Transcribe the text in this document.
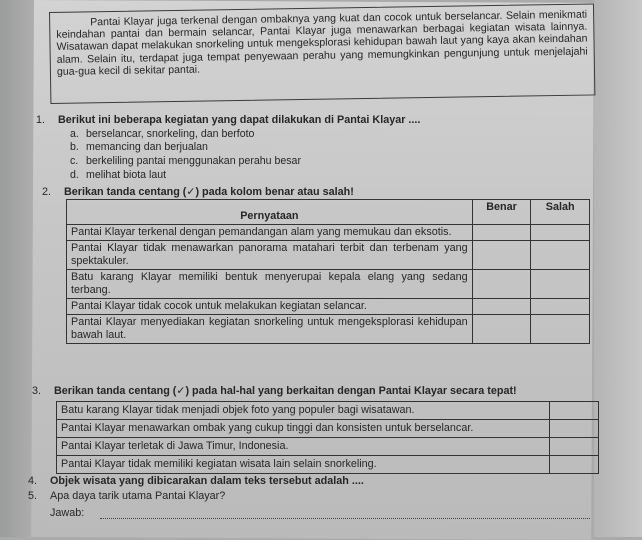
Pantai Klayar juga terkenal dengan ombaknya yang kuat dan cocok untuk berselancar. Selain menikmati keindahan pantai dan bermain selancar, Pantai Klayar juga menawarkan berbagai kegiatan wisata lainnya. Wisatawan dapat melakukan snorkeling untuk mengeksplorasi kehidupan bawah laut yang kaya akan keindahan alam. Selain itu, terdapat juga tempat penyewaan perahu yang memungkinkan pengunjung untuk menjelajahi gua-gua kecil di sekitar pantai.

1. Berikut ini beberapa kegiatan yang dapat dilakukan di Pantai Klayar ....
a. berselancar, snorkeling, dan berfoto
b. memancing dan berjualan
c. berkeliling pantai menggunakan perahu besar
d. melihat biota laut
2. Berikan tanda centang (✓) pada kolom benar atau salah!
Pernyataan	Benar	Salah
Pantai Klayar terkenal dengan pemandangan alam yang memukau dan eksotis.		
Pantai Klayar tidak menawarkan panorama matahari terbit dan terbenam yang spektakuler.		
Batu karang Klayar memiliki bentuk menyerupai kepala elang yang sedang terbang.		
Pantai Klayar tidak cocok untuk melakukan kegiatan selancar.		
Pantai Klayar menyediakan kegiatan snorkeling untuk mengeksplorasi kehidupan bawah laut.		
3. Berikan tanda centang (✓) pada hal-hal yang berkaitan dengan Pantai Klayar secara tepat!
Batu karang Klayar tidak menjadi objek foto yang populer bagi wisatawan.	
Pantai Klayar menawarkan ombak yang cukup tinggi dan konsisten untuk berselancar.	
Pantai Klayar terletak di Jawa Timur, Indonesia.	
Pantai Klayar tidak memiliki kegiatan wisata lain selain snorkeling.	
4. Objek wisata yang dibicarakan dalam teks tersebut adalah ....
5. Apa daya tarik utama Pantai Klayar?
Jawab:
